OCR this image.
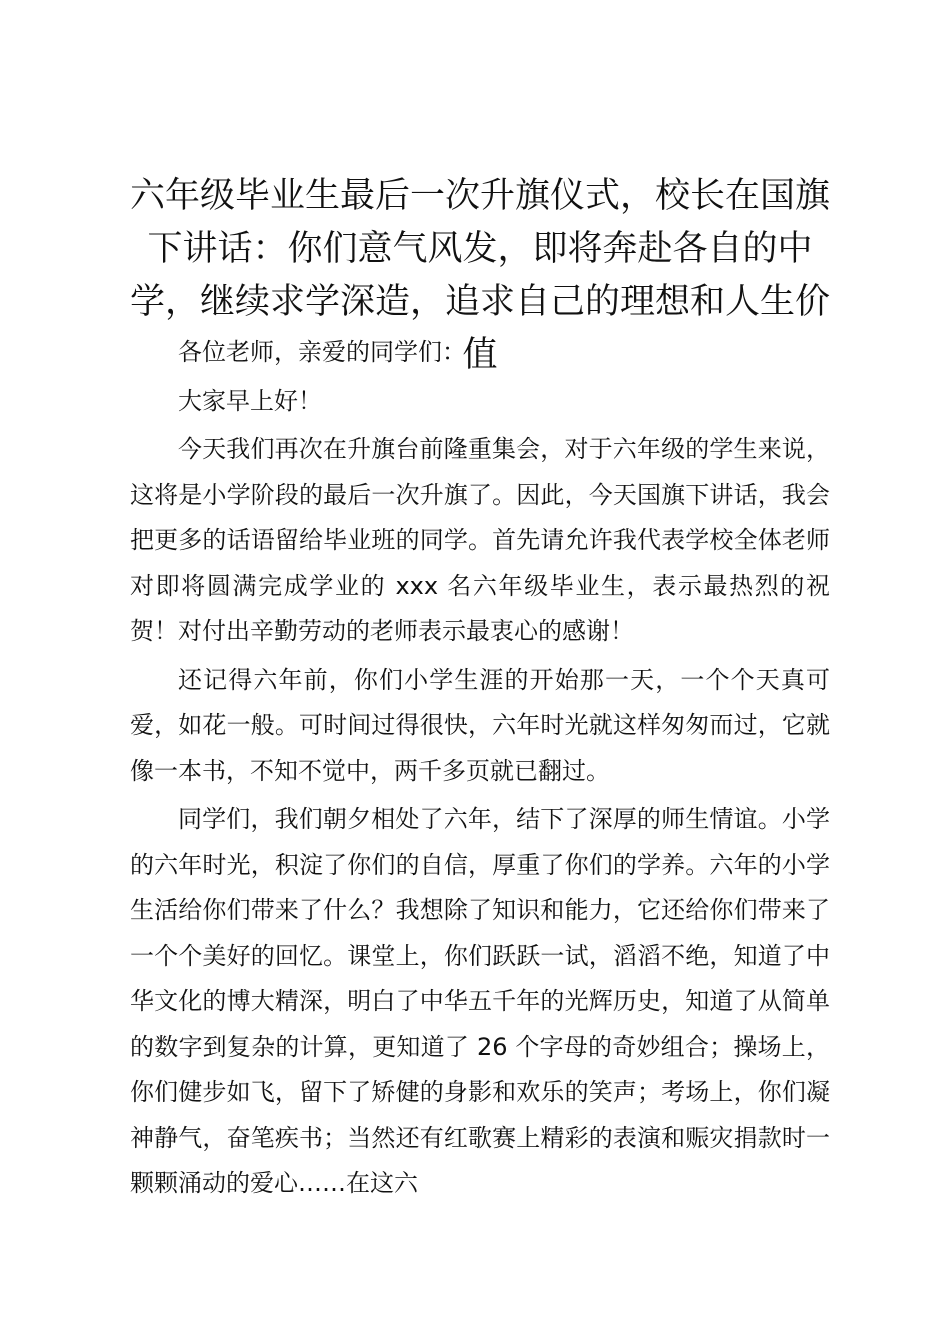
六年级毕业生最后一次升旗仪式，校长在国旗下讲话：你们意气风发，即将奔赴各自的中学，继续求学深造，追求自己的理想和人生价值

各位老师，亲爱的同学们：

大家早上好！

今天我们再次在升旗台前隆重集会，对于六年级的学生来说，这将是小学阶段的最后一次升旗了。因此，今天国旗下讲话，我会把更多的话语留给毕业班的同学。首先请允许我代表学校全体老师对即将圆满完成学业的 xxx 名六年级毕业生，表示最热烈的祝贺！对付出辛勤劳动的老师表示最衷心的感谢！

还记得六年前，你们小学生涯的开始那一天，一个个天真可爱，如花一般。可时间过得很快，六年时光就这样匆匆而过，它就像一本书，不知不觉中，两千多页就已翻过。

同学们，我们朝夕相处了六年，结下了深厚的师生情谊。小学的六年时光，积淀了你们的自信，厚重了你们的学养。六年的小学生活给你们带来了什么？我想除了知识和能力，它还给你们带来了一个个美好的回忆。课堂上，你们跃跃一试，滔滔不绝，知道了中华文化的博大精深，明白了中华五千年的光辉历史，知道了从简单的数字到复杂的计算，更知道了 26 个字母的奇妙组合；操场上，你们健步如飞，留下了矫健的身影和欢乐的笑声；考场上，你们凝神静气，奋笔疾书；当然还有红歌赛上精彩的表演和赈灾捐款时一颗颗涌动的爱心……在这六
